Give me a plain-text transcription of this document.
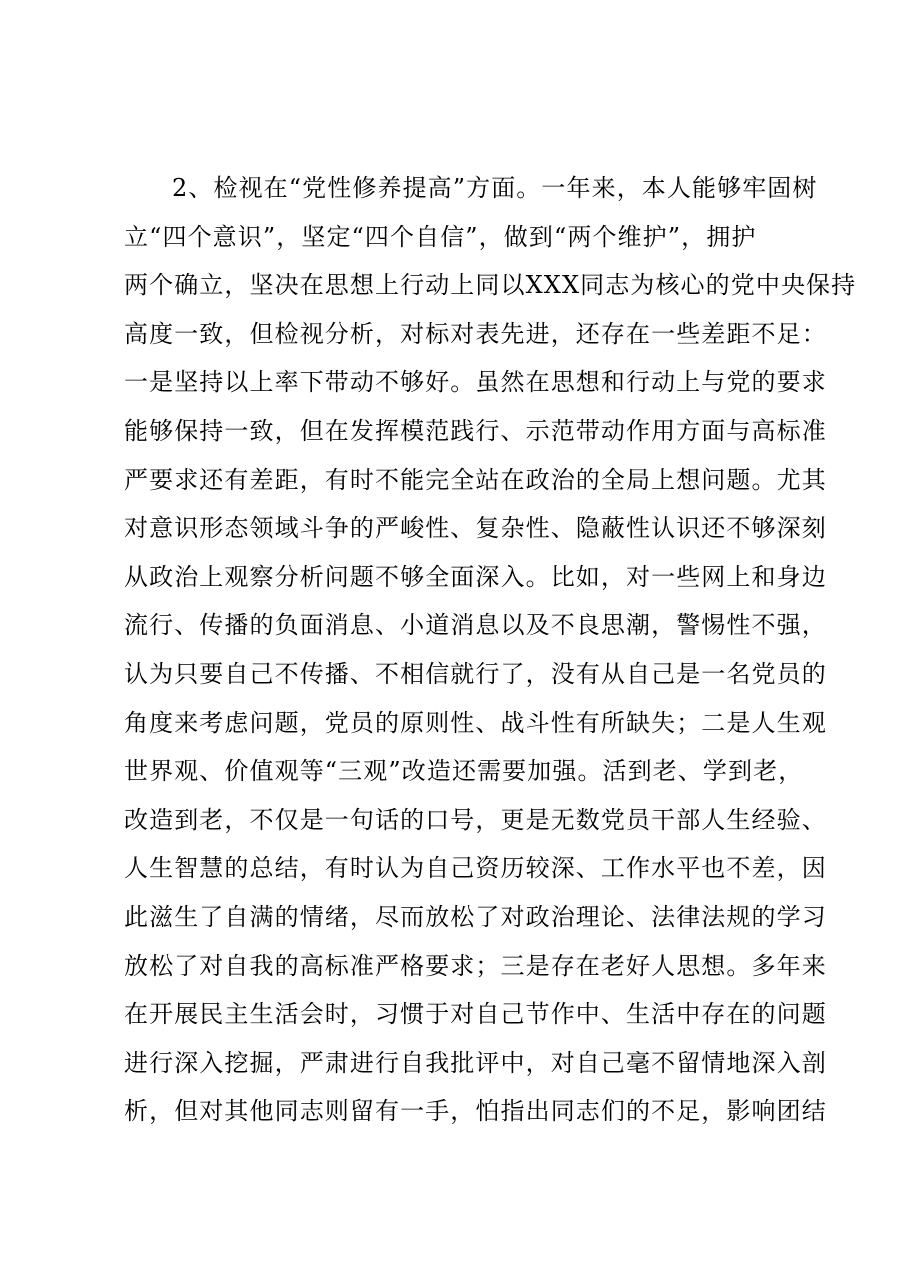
2、检视在“党性修养提高”方面。一年来，本人能够牢固树
立“四个意识”，坚定“四个自信”，做到“两个维护”，拥护
两个确立，坚决在思想上行动上同以XXX同志为核心的党中央保持
高度一致，但检视分析，对标对表先进，还存在一些差距不足：
一是坚持以上率下带动不够好。虽然在思想和行动上与党的要求
能够保持一致，但在发挥模范践行、示范带动作用方面与高标准
严要求还有差距，有时不能完全站在政治的全局上想问题。尤其
对意识形态领域斗争的严峻性、复杂性、隐蔽性认识还不够深刻
从政治上观察分析问题不够全面深入。比如，对一些网上和身边
流行、传播的负面消息、小道消息以及不良思潮，警惕性不强，
认为只要自己不传播、不相信就行了，没有从自己是一名党员的
角度来考虑问题，党员的原则性、战斗性有所缺失；二是人生观
世界观、价值观等“三观”改造还需要加强。活到老、学到老，
改造到老，不仅是一句话的口号，更是无数党员干部人生经验、
人生智慧的总结，有时认为自己资历较深、工作水平也不差，因
此滋生了自满的情绪，尽而放松了对政治理论、法律法规的学习
放松了对自我的高标准严格要求；三是存在老好人思想。多年来
在开展民主生活会时，习惯于对自己节作中、生活中存在的问题
进行深入挖掘，严肃进行自我批评中，对自己毫不留情地深入剖
析，但对其他同志则留有一手，怕指出同志们的不足，影响团结
